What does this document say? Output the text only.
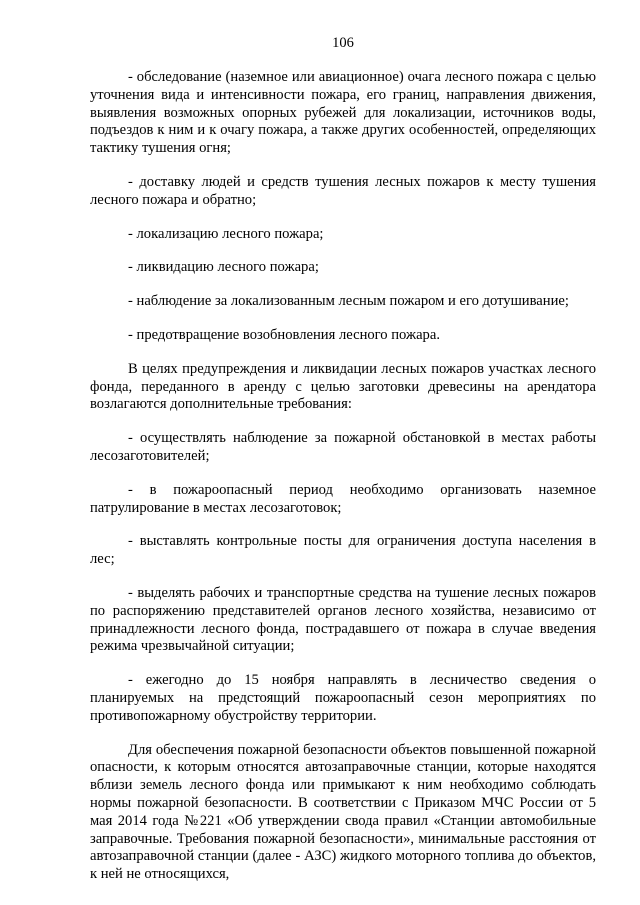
106

- обследование (наземное или авиационное) очага лесного пожара с целью уточнения вида и интенсивности пожара, его границ, направления движения, выявления возможных опорных рубежей для локализации, источников воды, подъездов к ним и к очагу пожара, а также других особенностей, определяющих тактику тушения огня;

- доставку людей и средств тушения лесных пожаров к месту тушения лесного пожара и обратно;

- локализацию лесного пожара;

- ликвидацию лесного пожара;

- наблюдение за локализованным лесным пожаром и его дотушивание;

- предотвращение возобновления лесного пожара.

В целях предупреждения и ликвидации лесных пожаров участках лесного фонда, переданного в аренду с целью заготовки древесины на арендатора возлагаются дополнительные требования:

- осуществлять наблюдение за пожарной обстановкой в местах работы лесозаготовителей;

- в пожароопасный период необходимо организовать наземное патрулирование в местах лесозаготовок;

- выставлять контрольные посты для ограничения доступа населения в лес;

- выделять рабочих и транспортные средства на тушение лесных пожаров по распоряжению представителей органов лесного хозяйства, независимо от принадлежности лесного фонда, пострадавшего от пожара в случае введения режима чрезвычайной ситуации;

- ежегодно до 15 ноября направлять в лесничество сведения о планируемых на предстоящий пожароопасный сезон мероприятиях по противопожарному обустройству территории.

Для обеспечения пожарной безопасности объектов повышенной пожарной опасности, к которым относятся автозаправочные станции, которые находятся вблизи земель лесного фонда или примыкают к ним необходимо соблюдать нормы пожарной безопасности. В соответствии с Приказом МЧС России от 5 мая 2014 года №221 «Об утверждении свода правил «Станции автомобильные заправочные. Требования пожарной безопасности», минимальные расстояния от автозаправочной станции (далее - АЗС) жидкого моторного топлива до объектов, к ней не относящихся,
